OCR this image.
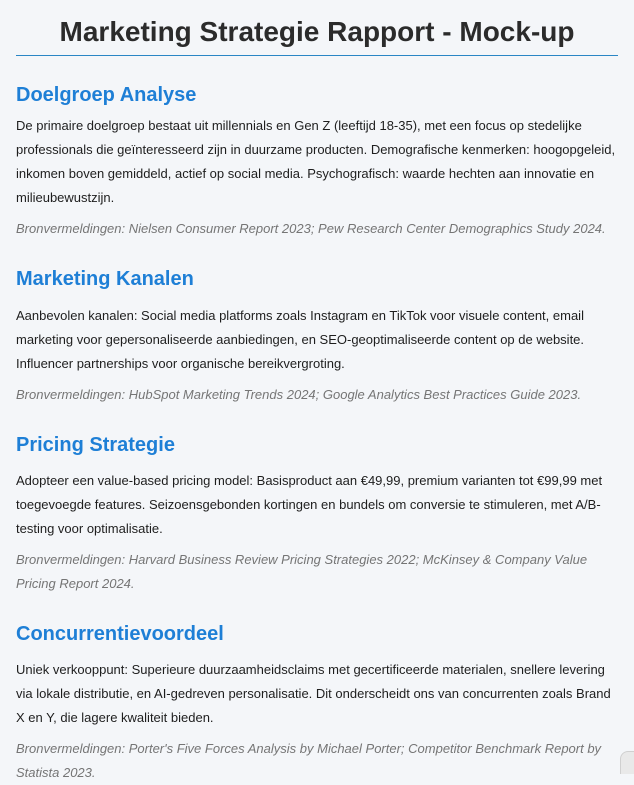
Marketing Strategie Rapport - Mock-up
Doelgroep Analyse

De primaire doelgroep bestaat uit millennials en Gen Z (leeftijd 18-35), met een focus op stedelijke professionals die geïnteresseerd zijn in duurzame producten. Demografische kenmerken: hoogopgeleid, inkomen boven gemiddeld, actief op social media. Psychografisch: waarde hechten aan innovatie en milieubewustzijn.

Bronvermeldingen: Nielsen Consumer Report 2023; Pew Research Center Demographics Study 2024.

Marketing Kanalen

Aanbevolen kanalen: Social media platforms zoals Instagram en TikTok voor visuele content, email marketing voor gepersonaliseerde aanbiedingen, en SEO-geoptimaliseerde content op de website. Influencer partnerships voor organische bereikvergroting.

Bronvermeldingen: HubSpot Marketing Trends 2024; Google Analytics Best Practices Guide 2023.

Pricing Strategie

Adopteer een value-based pricing model: Basisproduct aan €49,99, premium varianten tot €99,99 met toegevoegde features. Seizoensgebonden kortingen en bundels om conversie te stimuleren, met A/B-testing voor optimalisatie.

Bronvermeldingen: Harvard Business Review Pricing Strategies 2022; McKinsey & Company Value Pricing Report 2024.

Concurrentievoordeel

Uniek verkooppunt: Superieure duurzaamheidsclaims met gecertificeerde materialen, snellere levering via lokale distributie, en AI-gedreven personalisatie. Dit onderscheidt ons van concurrenten zoals Brand X en Y, die lagere kwaliteit bieden.

Bronvermeldingen: Porter's Five Forces Analysis by Michael Porter; Competitor Benchmark Report by Statista 2023.
